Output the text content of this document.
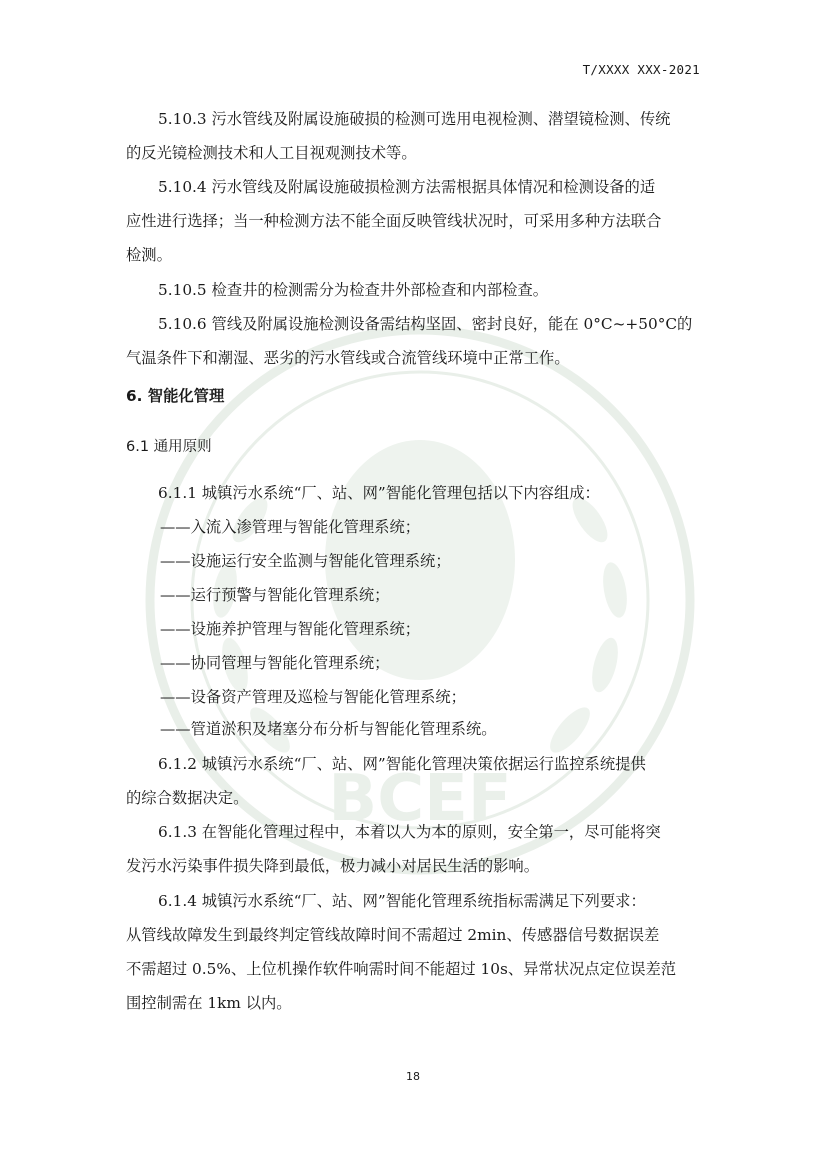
BCEF
T/XXXX XXX-2021
5.10.3 污水管线及附属设施破损的检测可选用电视检测、潜望镜检测、传统
的反光镜检测技术和人工目视观测技术等。
5.10.4 污水管线及附属设施破损检测方法需根据具体情况和检测设备的适
应性进行选择；当一种检测方法不能全面反映管线状况时，可采用多种方法联合
检测。
5.10.5 检查井的检测需分为检查井外部检查和内部检查。
5.10.6 管线及附属设施检测设备需结构坚固、密封良好，能在 0°C~+50°C的
气温条件下和潮湿、恶劣的污水管线或合流管线环境中正常工作。
6. 智能化管理
6.1 通用原则
6.1.1 城镇污水系统“厂、站、网”智能化管理包括以下内容组成：
——入流入渗管理与智能化管理系统；
——设施运行安全监测与智能化管理系统；
——运行预警与智能化管理系统；
——设施养护管理与智能化管理系统；
——协同管理与智能化管理系统；
——设备资产管理及巡检与智能化管理系统；
——管道淤积及堵塞分布分析与智能化管理系统。
6.1.2 城镇污水系统“厂、站、网”智能化管理决策依据运行监控系统提供
的综合数据决定。
6.1.3 在智能化管理过程中，本着以人为本的原则，安全第一，尽可能将突
发污水污染事件损失降到最低，极力减小对居民生活的影响。
6.1.4 城镇污水系统“厂、站、网”智能化管理系统指标需满足下列要求：
从管线故障发生到最终判定管线故障时间不需超过 2min、传感器信号数据误差
不需超过 0.5%、上位机操作软件响需时间不能超过 10s、异常状况点定位误差范
围控制需在 1km 以内。
18
